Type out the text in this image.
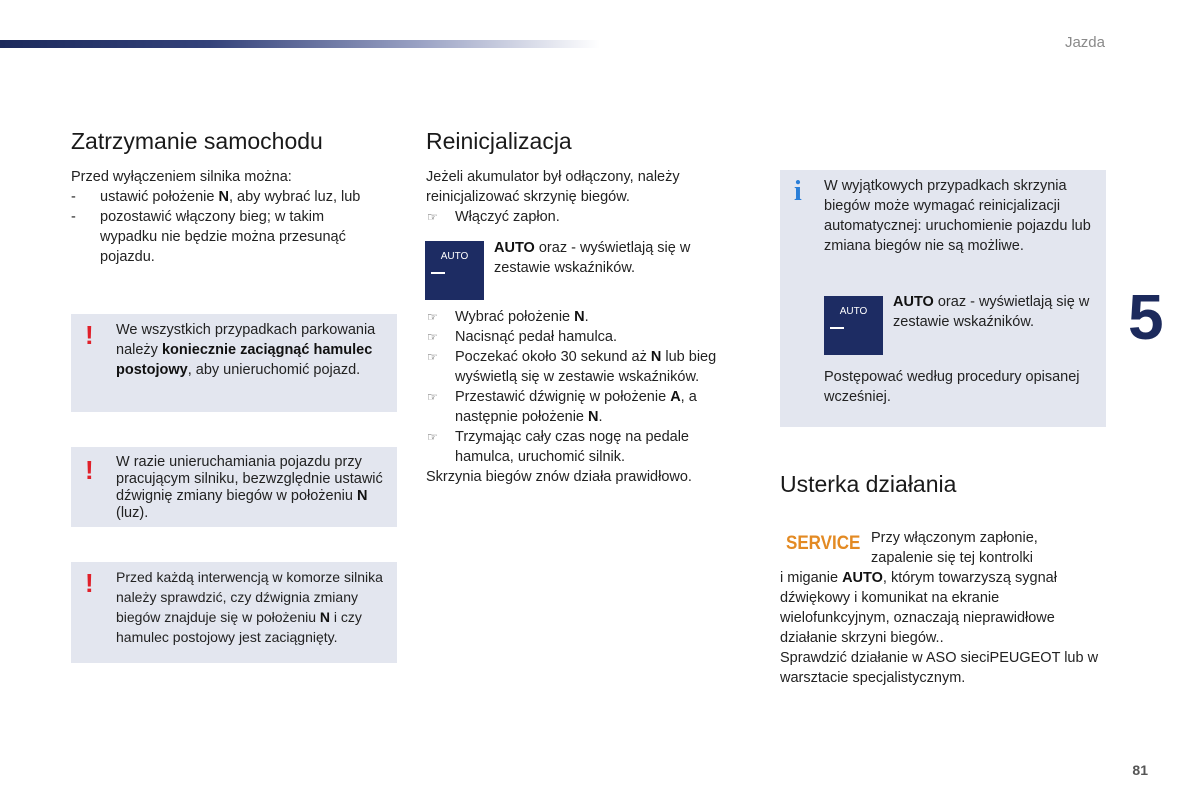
Jazda
5
81
Zatrzymanie samochodu

Przed wyłączeniem silnika można:

- ustawić położenie N, aby wybrać luz, lub
- pozostawić włączony bieg; w takim wypadku nie będzie można przesunąć pojazdu.
! We wszystkich przypadkach parkowania należy koniecznie zaciągnąć hamulec postojowy, aby unieruchomić pojazd.
! W razie unieruchamiania pojazdu przy pracującym silniku, bezwzględnie ustawić dźwignię zmiany biegów w położeniu N (luz).
! Przed każdą interwencją w komorze silnika należy sprawdzić, czy dźwignia zmiany biegów znajduje się w położeniu N i czy hamulec postojowy jest zaciągnięty.
Reinicjalizacja

Jeżeli akumulator był odłączony, należy reinicjalizować skrzynię biegów.

☞ Włączyć zapłon.
AUTO
AUTO oraz - wyświetlają się w zestawie wskaźników.
☞ Wybrać położenie N.
☞ Nacisnąć pedał hamulca.
☞ Poczekać około 30 sekund aż N lub bieg wyświetlą się w zestawie wskaźników.
☞ Przestawić dźwignię w położenie A, a następnie położenie N.
☞ Trzymając cały czas nogę na pedale hamulca, uruchomić silnik.

Skrzynia biegów znów działa prawidłowo.

i W wyjątkowych przypadkach skrzynia biegów może wymagać reinicjalizacji automatycznej: uruchomienie pojazdu lub zmiana biegów nie są możliwe.
AUTO
AUTO oraz - wyświetlają się w zestawie wskaźników.
Postępować według procedury opisanej wcześniej.
Usterka działania
SERVICE Przy włączonym zapłonie, zapalenie się tej kontrolki

i miganie AUTO, którym towarzyszą sygnał dźwiękowy i komunikat na ekranie wielofunkcyjnym, oznaczają nieprawidłowe działanie skrzyni biegów..

Sprawdzić działanie w ASO sieciPEUGEOT lub w warsztacie specjalistycznym.
